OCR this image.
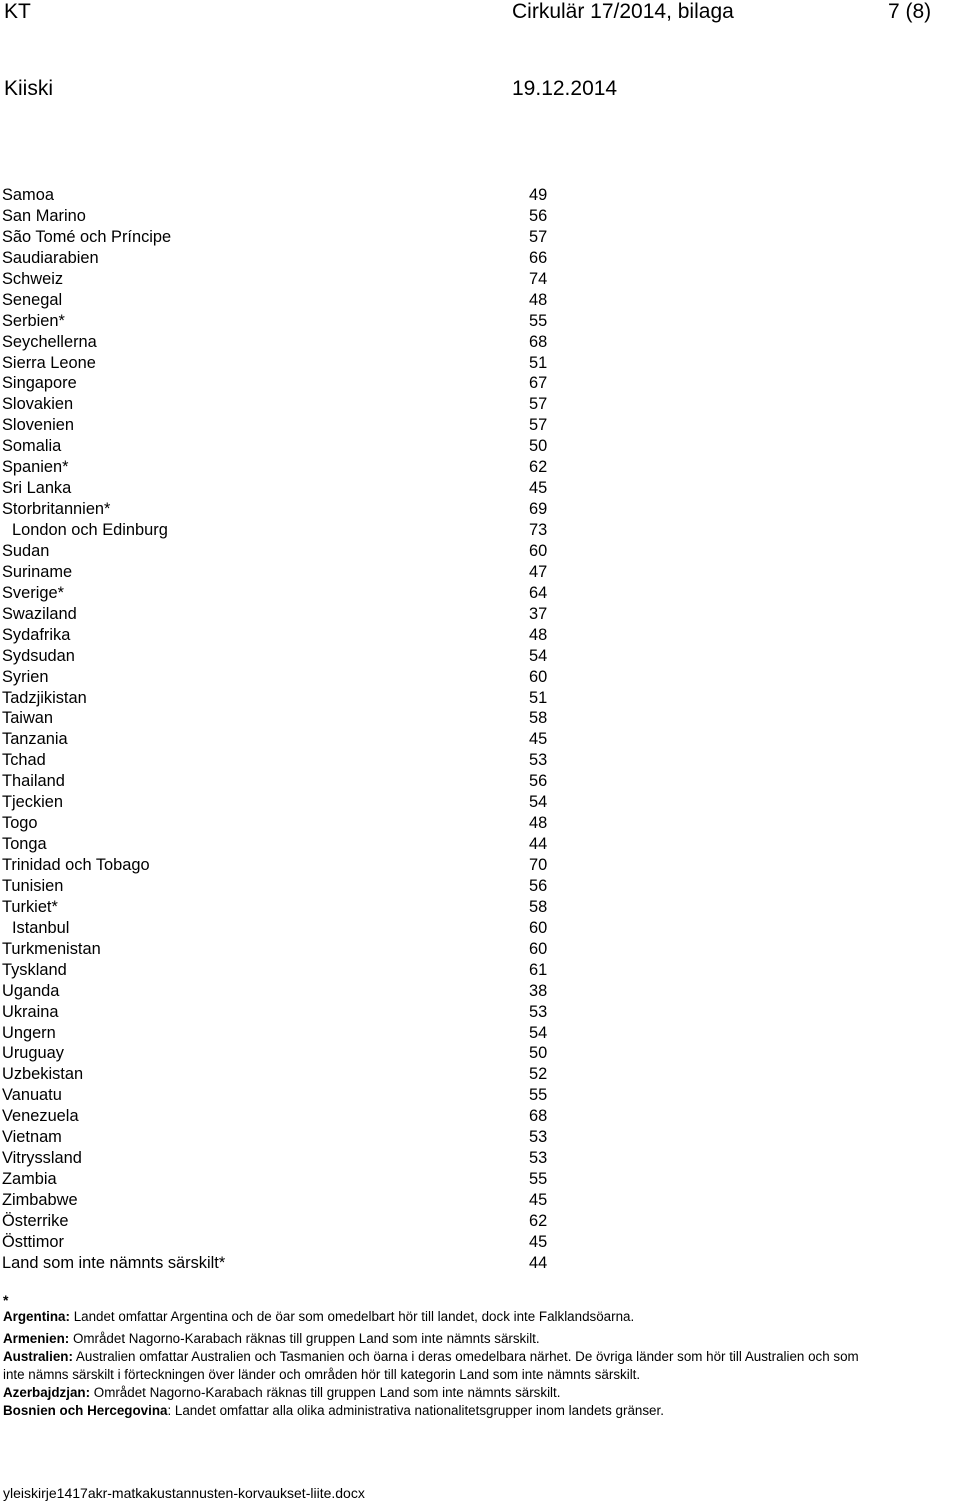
KT	Cirkulär 17/2014, bilaga	7 (8)
Kiiski	19.12.2014
Samoa	49
San Marino	56
São Tomé och Príncipe	57
Saudiarabien	66
Schweiz	74
Senegal	48
Serbien*	55
Seychellerna	68
Sierra Leone	51
Singapore	67
Slovakien	57
Slovenien	57
Somalia	50
Spanien*	62
Sri Lanka	45
Storbritannien*	69
London och Edinburg	73
Sudan	60
Suriname	47
Sverige*	64
Swaziland	37
Sydafrika	48
Sydsudan	54
Syrien	60
Tadzjikistan	51
Taiwan	58
Tanzania	45
Tchad	53
Thailand	56
Tjeckien	54
Togo	48
Tonga	44
Trinidad och Tobago	70
Tunisien	56
Turkiet*	58
Istanbul	60
Turkmenistan	60
Tyskland	61
Uganda	38
Ukraina	53
Ungern	54
Uruguay	50
Uzbekistan	52
Vanuatu	55
Venezuela	68
Vietnam	53
Vitryssland	53
Zambia	55
Zimbabwe	45
Österrike	62
Östtimor	45
Land som inte nämnts särskilt*	44
*

Argentina: Landet omfattar Argentina och de öar som omedelbart hör till landet, dock inte Falklandsöarna.

Armenien: Området Nagorno-Karabach räknas till gruppen Land som inte nämnts särskilt.

Australien: Australien omfattar Australien och Tasmanien och öarna i deras omedelbara närhet. De övriga länder som hör till Australien och som inte nämns särskilt i förteckningen över länder och områden hör till kategorin Land som inte nämnts särskilt.

Azerbajdzjan: Området Nagorno-Karabach räknas till gruppen Land som inte nämnts särskilt.

Bosnien och Hercegovina: Landet omfattar alla olika administrativa nationalitetsgrupper inom landets gränser.

yleiskirje1417akr-matkakustannusten-korvaukset-liite.docx
